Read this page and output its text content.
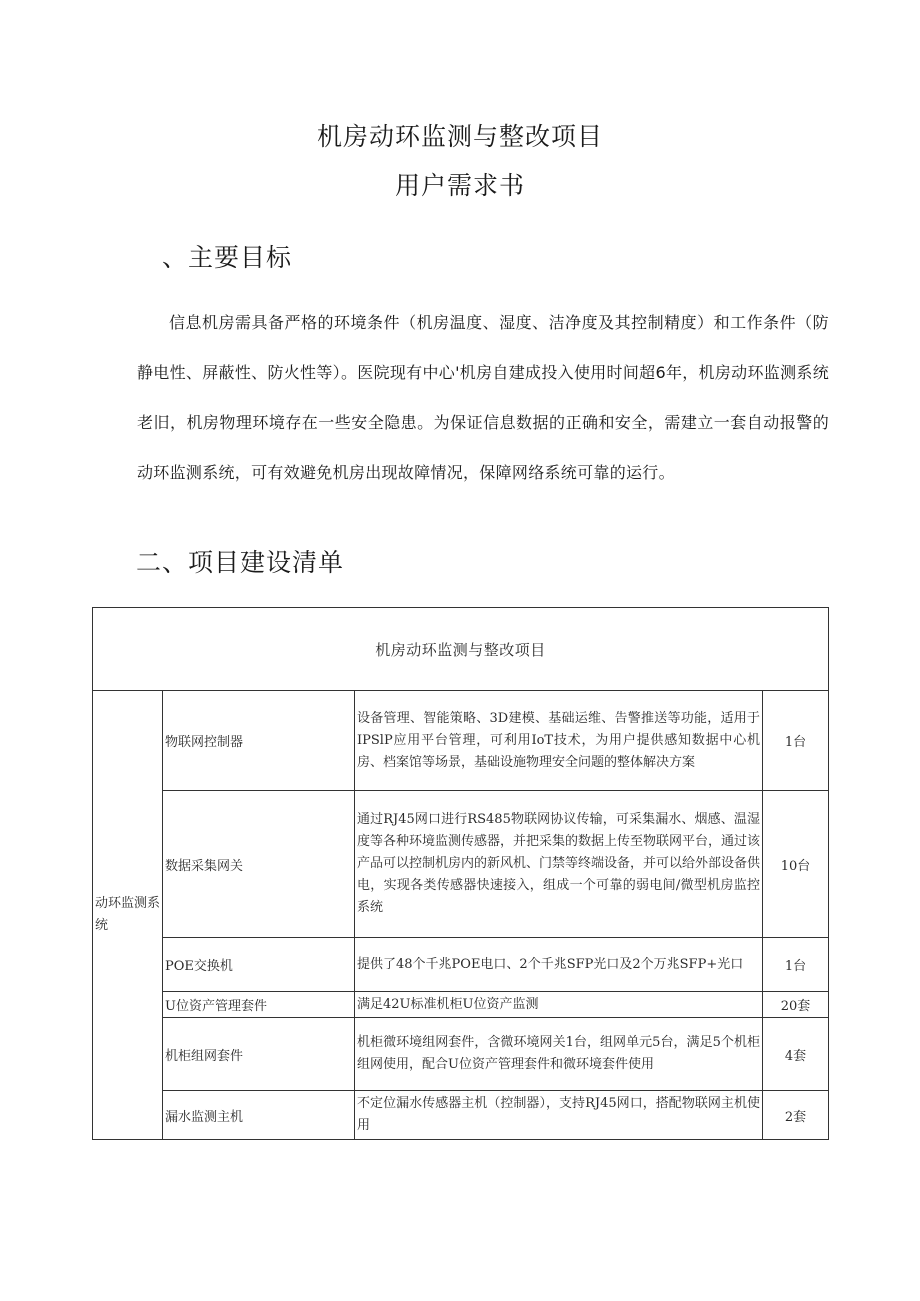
机房动环监测与整改项目
用户需求书
、主要目标

信息机房需具备严格的环境条件（机房温度、湿度、洁净度及其控制精度）和工作条件（防静电性、屏蔽性、防火性等）。医院现有中心'机房自建成投入使用时间超6年，机房动环监测系统老旧，机房物理环境存在一些安全隐患。为保证信息数据的正确和安全，需建立一套自动报警的动环监测系统，可有效避免机房出现故障情况，保障网络系统可靠的运行。

二、项目建设清单
机房动环监测与整改项目			
动环监测系统	物联网控制器	设备管理、智能策略、3D建模、基础运维、告警推送等功能，适用于IPSlP应用平台管理，可利用IoT技术，为用户提供感知数据中心机房、档案馆等场景，基础设施物理安全问题的整体解决方案	1台
	数据采集网关	通过RJ45网口进行RS485物联网协议传输，可采集漏水、烟感、温湿度等各种环境监测传感器，并把采集的数据上传至物联网平台，通过该产品可以控制机房内的新风机、门禁等终端设备，并可以给外部设备供电，实现各类传感器快速接入，组成一个可靠的弱电间/微型机房监控系统	10台
	POE交换机	提供了48个千兆POE电口、2个千兆SFP光口及2个万兆SFP+光口	1台
	U位资产管理套件	满足42U标准机柜U位资产监测	20套
	机柜组网套件	机柜微环境组网套件，含微环境网关1台，组网单元5台，满足5个机柜组网使用，配合U位资产管理套件和微环境套件使用	4套
	漏水监测主机	不定位漏水传感器主机（控制器），支持RJ45网口，搭配物联网主机使用	2套
